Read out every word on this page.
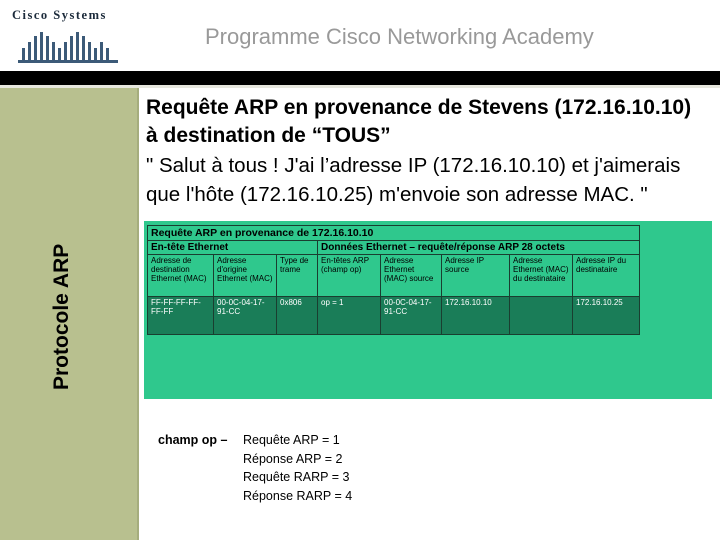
Cisco Systems
Programme Cisco Networking Academy
Protocole ARP
Requête ARP en provenance de Stevens (172.16.10.10) à destination de “TOUS”
" Salut à tous ! J'ai l’adresse IP (172.16.10.10) et j'aimerais que l'hôte (172.16.10.25) m'envoie son adresse MAC. "
Requête ARP en provenance de 172.16.10.10							
En-tête Ethernet			Données Ethernet – requête/réponse ARP 28 octets				
Adresse de destination Ethernet (MAC)	Adresse d'origine Ethernet (MAC)	Type de trame	En-têtes ARP (champ op)	Adresse Ethernet (MAC) source	Adresse IP source	Adresse Ethernet (MAC) du destinataire	Adresse IP du destinataire
FF-FF-FF-FF-FF-FF	00-0C-04-17-91-CC	0x806	op = 1	00-0C-04-17-91-CC	172.16.10.10		172.16.10.25
champ op –	Requête ARP = 1
Réponse ARP = 2
Requête RARP = 3
Réponse RARP = 4
